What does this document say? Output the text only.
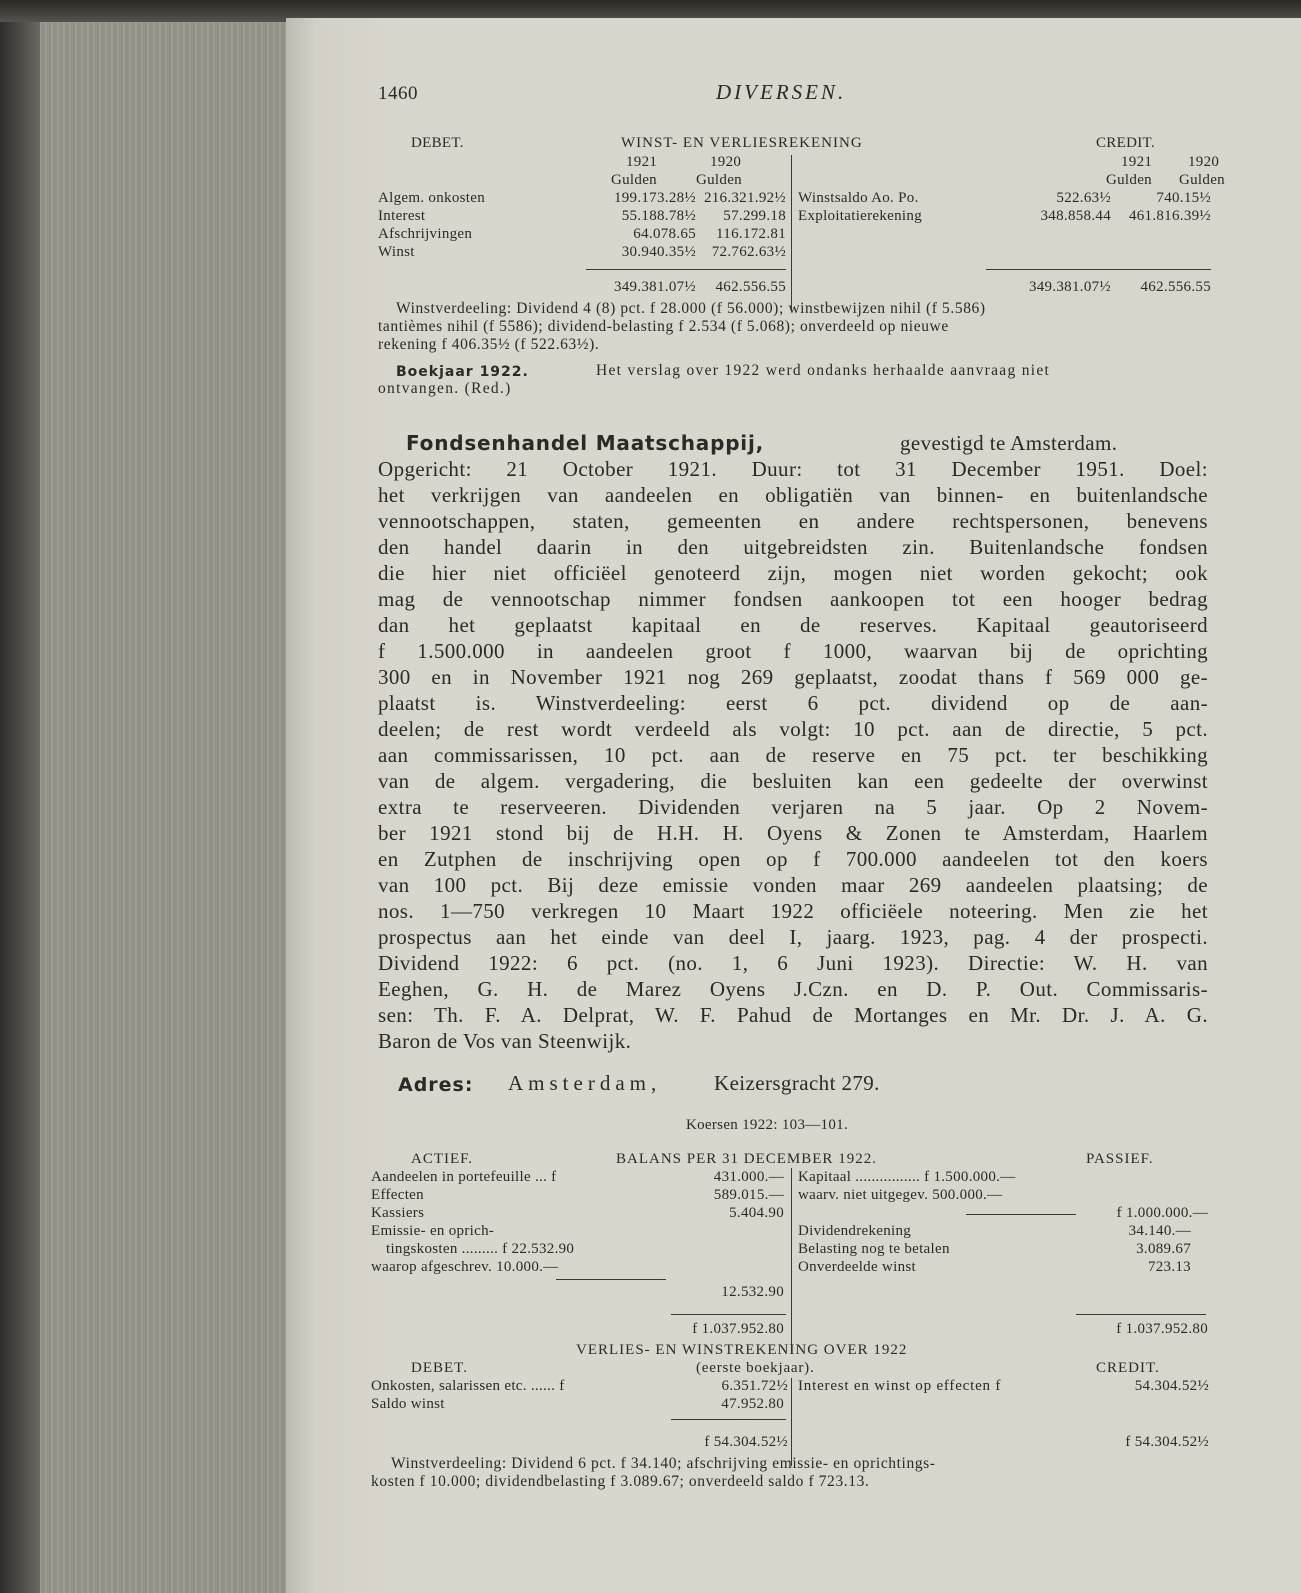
1460	DIVERSEN.
DEBET.	WINST- EN VERLIESREKENING	CREDIT.
1921	1920	1921 1920
Gulden	Gulden	Gulden Gulden
Algem. onkosten	199.173.28½ 216.321.92½
Interest	55.188.78½	57.299.18
Afschrijvingen	64.078.65	116.172.81
Winst	30.940.35½	72.762.63½
Winstsaldo Ao. Po.	522.63½	740.15½
Exploitatierekening	348.858.44	461.816.39½
349.381.07½	462.556.55	349.381.07½	462.556.55
Winstverdeeling: Dividend 4 (8) pct. f 28.000 (f 56.000); winstbewijzen nihil (f 5.586)
tantièmes nihil (f 5586); dividend-belasting f 2.534 (f 5.068); onverdeeld op nieuwe
rekening f 406.35½ (f 522.63½).
Boekjaar 1922.	Het verslag over 1922 werd ondanks herhaalde aanvraag niet
ontvangen. (Red.)
Fondsenhandel Maatschappij,	gevestigd te Amsterdam.
Opgericht: 21 October 1921. Duur: tot 31 December 1951. Doel:
het verkrijgen van aandeelen en obligatiën van binnen- en buitenlandsche
vennootschappen, staten, gemeenten en andere rechtspersonen, benevens
den handel daarin in den uitgebreidsten zin. Buitenlandsche fondsen
die hier niet officiëel genoteerd zijn, mogen niet worden gekocht; ook
mag de vennootschap nimmer fondsen aankoopen tot een hooger bedrag
dan het geplaatst kapitaal en de reserves. Kapitaal geautoriseerd
f 1.500.000 in aandeelen groot f 1000, waarvan bij de oprichting
300 en in November 1921 nog 269 geplaatst, zoodat thans f 569 000 ge-
plaatst is. Winstverdeeling: eerst 6 pct. dividend op de aan-
deelen; de rest wordt verdeeld als volgt: 10 pct. aan de directie, 5 pct.
aan commissarissen, 10 pct. aan de reserve en 75 pct. ter beschikking
van de algem. vergadering, die besluiten kan een gedeelte der overwinst
extra te reserveeren. Dividenden verjaren na 5 jaar. Op 2 Novem-
ber 1921 stond bij de H.H. H. Oyens & Zonen te Amsterdam, Haarlem
en Zutphen de inschrijving open op f 700.000 aandeelen tot den koers
van 100 pct. Bij deze emissie vonden maar 269 aandeelen plaatsing; de
nos. 1—750 verkregen 10 Maart 1922 officiëele noteering. Men zie het
prospectus aan het einde van deel I, jaarg. 1923, pag. 4 der prospecti.
Dividend 1922: 6 pct. (no. 1, 6 Juni 1923). Directie: W. H. van
Eeghen, G. H. de Marez Oyens J.Czn. en D. P. Out. Commissaris-
sen: Th. F. A. Delprat, W. F. Pahud de Mortanges en Mr. Dr. J. A. G.
Baron de Vos van Steenwijk.
Adres: Amsterdam,	Keizersgracht 279.
Koersen 1922: 103—101.
ACTIEF.	BALANS PER 31 DECEMBER 1922.	PASSIEF.
Aandeelen in portefeuille ... f	431.000.—
Effecten	589.015.—
Kassiers	5.404.90
Emissie- en oprich-
tingskosten ......... f 22.532.90
waarop afgeschrev. 10.000.—
12.532.90
f 1.037.952.80
Kapitaal ................ f 1.500.000.—
waarv. niet uitgegev. 500.000.—
f 1.000.000.—
Dividendrekening	34.140.—
Belasting nog te betalen	3.089.67
Onverdeelde winst	723.13
f 1.037.952.80
VERLIES- EN WINSTREKENING OVER 1922
(eerste boekjaar).
DEBET.	CREDIT.
Onkosten, salarissen etc. ...... f	6.351.72½
Saldo winst	47.952.80
Interest en winst op effecten f	54.304.52½
f 54.304.52½	f 54.304.52½
Winstverdeeling: Dividend 6 pct. f 34.140; afschrijving emissie- en oprichtings-
kosten f 10.000; dividendbelasting f 3.089.67; onverdeeld saldo f 723.13.
